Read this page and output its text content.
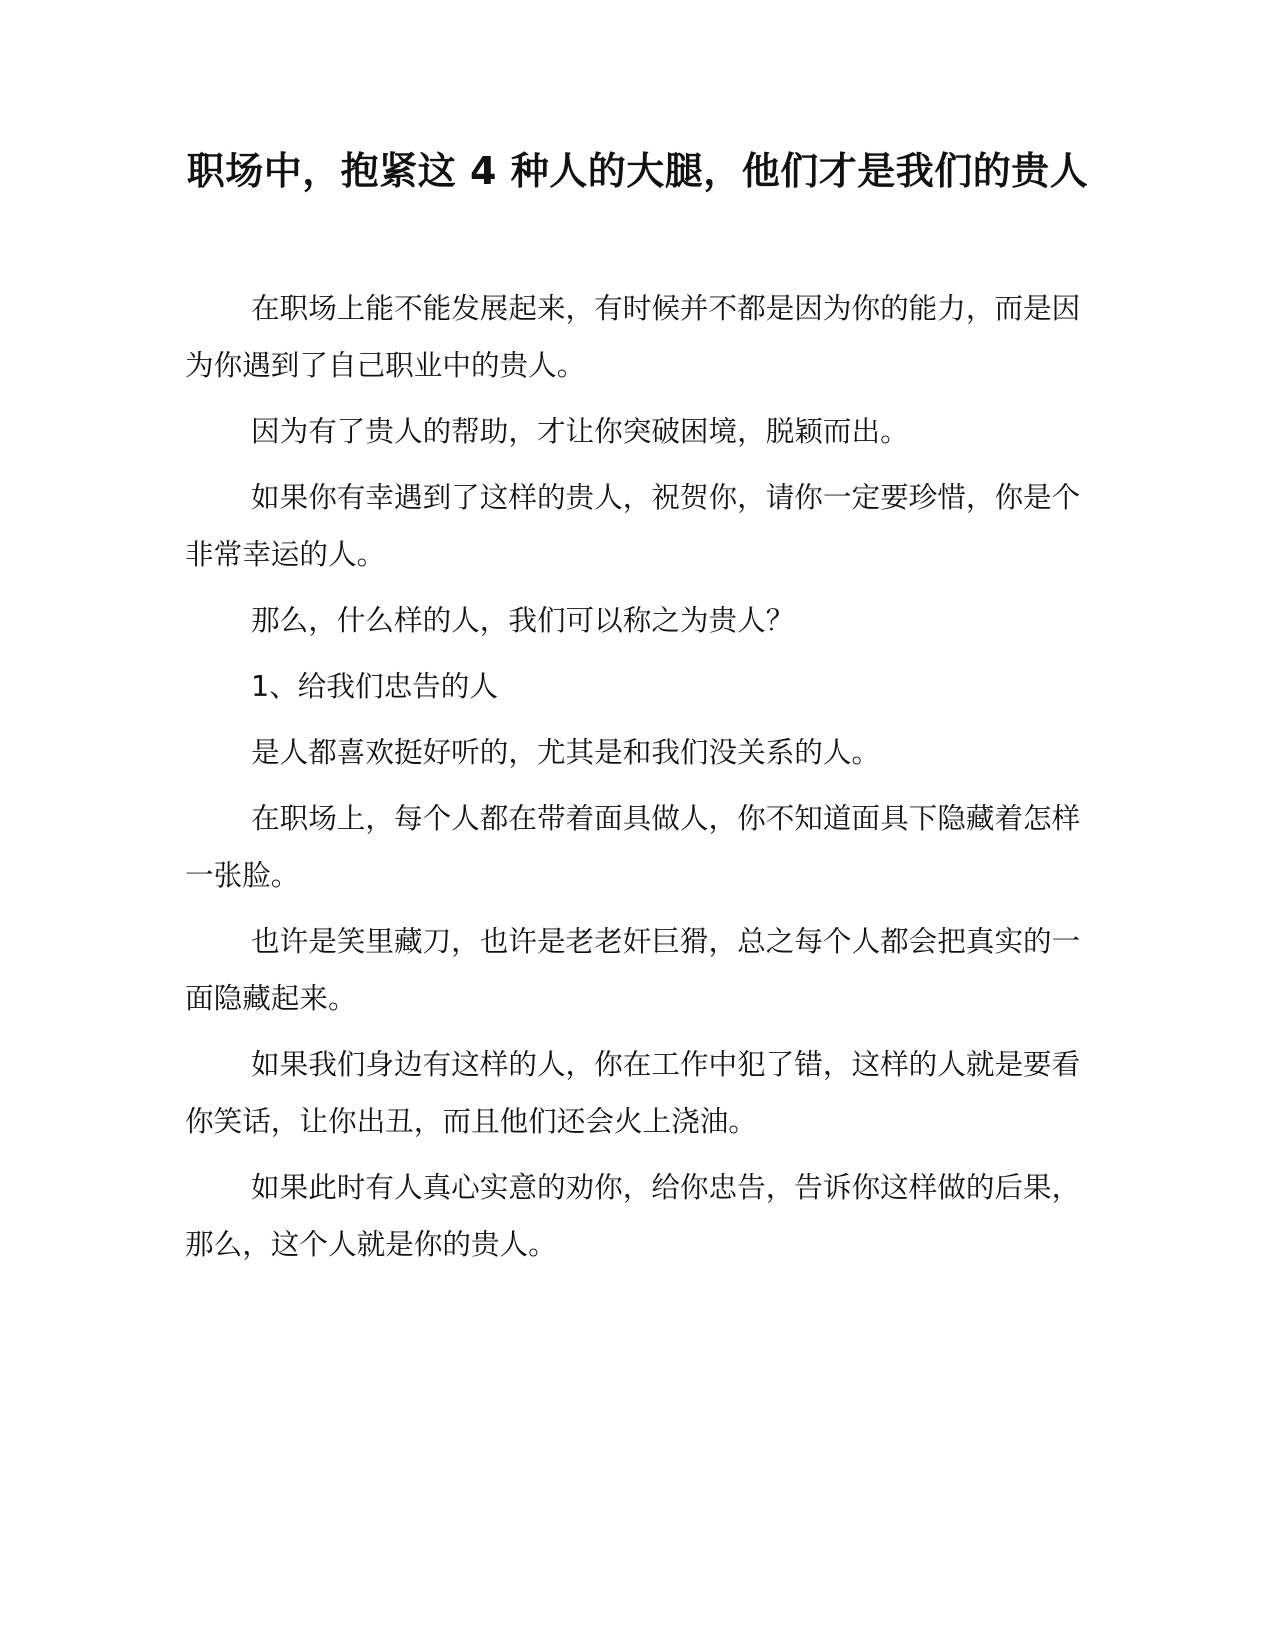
职场中，抱紧这 4 种人的大腿，他们才是我们的贵人

在职场上能不能发展起来，有时候并不都是因为你的能力，而是因为你遇到了自己职业中的贵人。

因为有了贵人的帮助，才让你突破困境，脱颖而出。

如果你有幸遇到了这样的贵人，祝贺你，请你一定要珍惜，你是个非常幸运的人。

那么，什么样的人，我们可以称之为贵人？

1、给我们忠告的人

是人都喜欢挺好听的，尤其是和我们没关系的人。

在职场上，每个人都在带着面具做人，你不知道面具下隐藏着怎样一张脸。

也许是笑里藏刀，也许是老老奸巨猾，总之每个人都会把真实的一面隐藏起来。

如果我们身边有这样的人，你在工作中犯了错，这样的人就是要看你笑话，让你出丑，而且他们还会火上浇油。

如果此时有人真心实意的劝你，给你忠告，告诉你这样做的后果，那么，这个人就是你的贵人。
